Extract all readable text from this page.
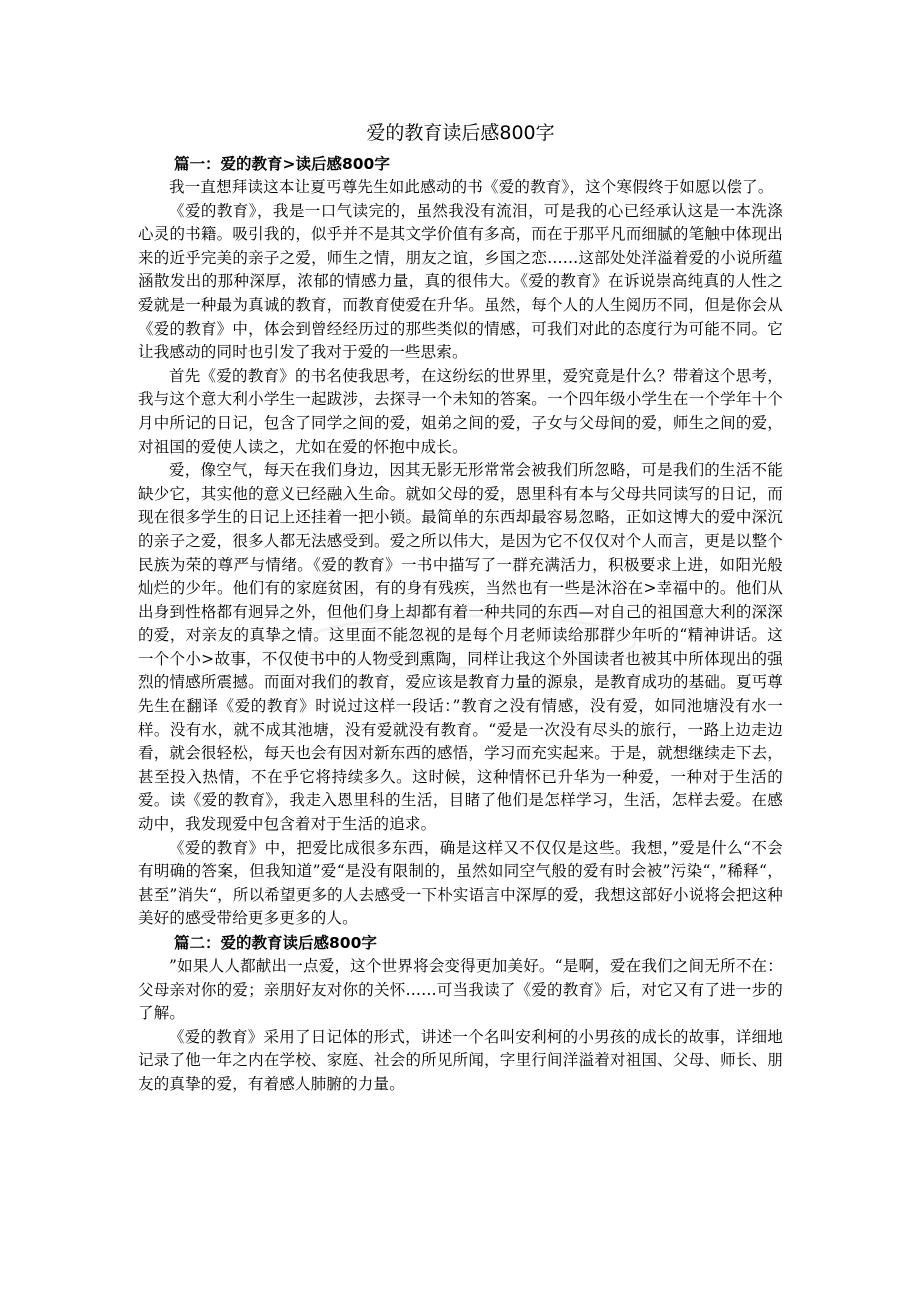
爱的教育读后感800字
篇一：爱的教育>读后感800字

我一直想拜读这本让夏丐尊先生如此感动的书《爱的教育》，这个寒假终于如愿以偿了。

《爱的教育》，我是一口气读完的，虽然我没有流泪，可是我的心已经承认这是一本洗涤心灵的书籍。吸引我的，似乎并不是其文学价值有多高，而在于那平凡而细腻的笔触中体现出来的近乎完美的亲子之爱，师生之情，朋友之谊，乡国之恋……这部处处洋溢着爱的小说所蕴涵散发出的那种深厚，浓郁的情感力量，真的很伟大。《爱的教育》在诉说崇高纯真的人性之爱就是一种最为真诚的教育，而教育使爱在升华。虽然，每个人的人生阅历不同，但是你会从《爱的教育》中，体会到曾经经历过的那些类似的情感，可我们对此的态度行为可能不同。它让我感动的同时也引发了我对于爱的一些思索。

首先《爱的教育》的书名使我思考，在这纷纭的世界里，爱究竟是什么？带着这个思考，我与这个意大利小学生一起跋涉，去探寻一个未知的答案。一个四年级小学生在一个学年十个月中所记的日记，包含了同学之间的爱，姐弟之间的爱，子女与父母间的爱，师生之间的爱，对祖国的爱使人读之，尤如在爱的怀抱中成长。

爱，像空气，每天在我们身边，因其无影无形常常会被我们所忽略，可是我们的生活不能缺少它，其实他的意义已经融入生命。就如父母的爱，恩里科有本与父母共同读写的日记，而现在很多学生的日记上还挂着一把小锁。最简单的东西却最容易忽略，正如这博大的爱中深沉的亲子之爱，很多人都无法感受到。爱之所以伟大，是因为它不仅仅对个人而言，更是以整个民族为荣的尊严与情绪。《爱的教育》一书中描写了一群充满活力，积极要求上进，如阳光般灿烂的少年。他们有的家庭贫困，有的身有残疾，当然也有一些是沐浴在>幸福中的。他们从出身到性格都有迥异之外，但他们身上却都有着一种共同的东西—对自己的祖国意大利的深深的爱，对亲友的真挚之情。这里面不能忽视的是每个月老师读给那群少年听的“精神讲话。这一个个小>故事，不仅使书中的人物受到熏陶，同样让我这个外国读者也被其中所体现出的强烈的情感所震撼。而面对我们的教育，爱应该是教育力量的源泉，是教育成功的基础。夏丐尊先生在翻译《爱的教育》时说过这样一段话：”教育之没有情感，没有爱，如同池塘没有水一样。没有水，就不成其池塘，没有爱就没有教育。“爱是一次没有尽头的旅行，一路上边走边看，就会很轻松，每天也会有因对新东西的感悟，学习而充实起来。于是，就想继续走下去，甚至投入热情，不在乎它将持续多久。这时候，这种情怀已升华为一种爱，一种对于生活的爱。读《爱的教育》，我走入恩里科的生活，目睹了他们是怎样学习，生活，怎样去爱。在感动中，我发现爱中包含着对于生活的追求。

《爱的教育》中，把爱比成很多东西，确是这样又不仅仅是这些。我想，”爱是什么“不会有明确的答案，但我知道”爱“是没有限制的，虽然如同空气般的爱有时会被”污染“，”稀释“，甚至”消失“，所以希望更多的人去感受一下朴实语言中深厚的爱，我想这部好小说将会把这种美好的感受带给更多更多的人。

篇二：爱的教育读后感800字

”如果人人都献出一点爱，这个世界将会变得更加美好。“是啊，爱在我们之间无所不在：父母亲对你的爱；亲朋好友对你的关怀……可当我读了《爱的教育》后，对它又有了进一步的了解。

《爱的教育》采用了日记体的形式，讲述一个名叫安利柯的小男孩的成长的故事，详细地记录了他一年之内在学校、家庭、社会的所见所闻，字里行间洋溢着对祖国、父母、师长、朋友的真挚的爱，有着感人肺腑的力量。
